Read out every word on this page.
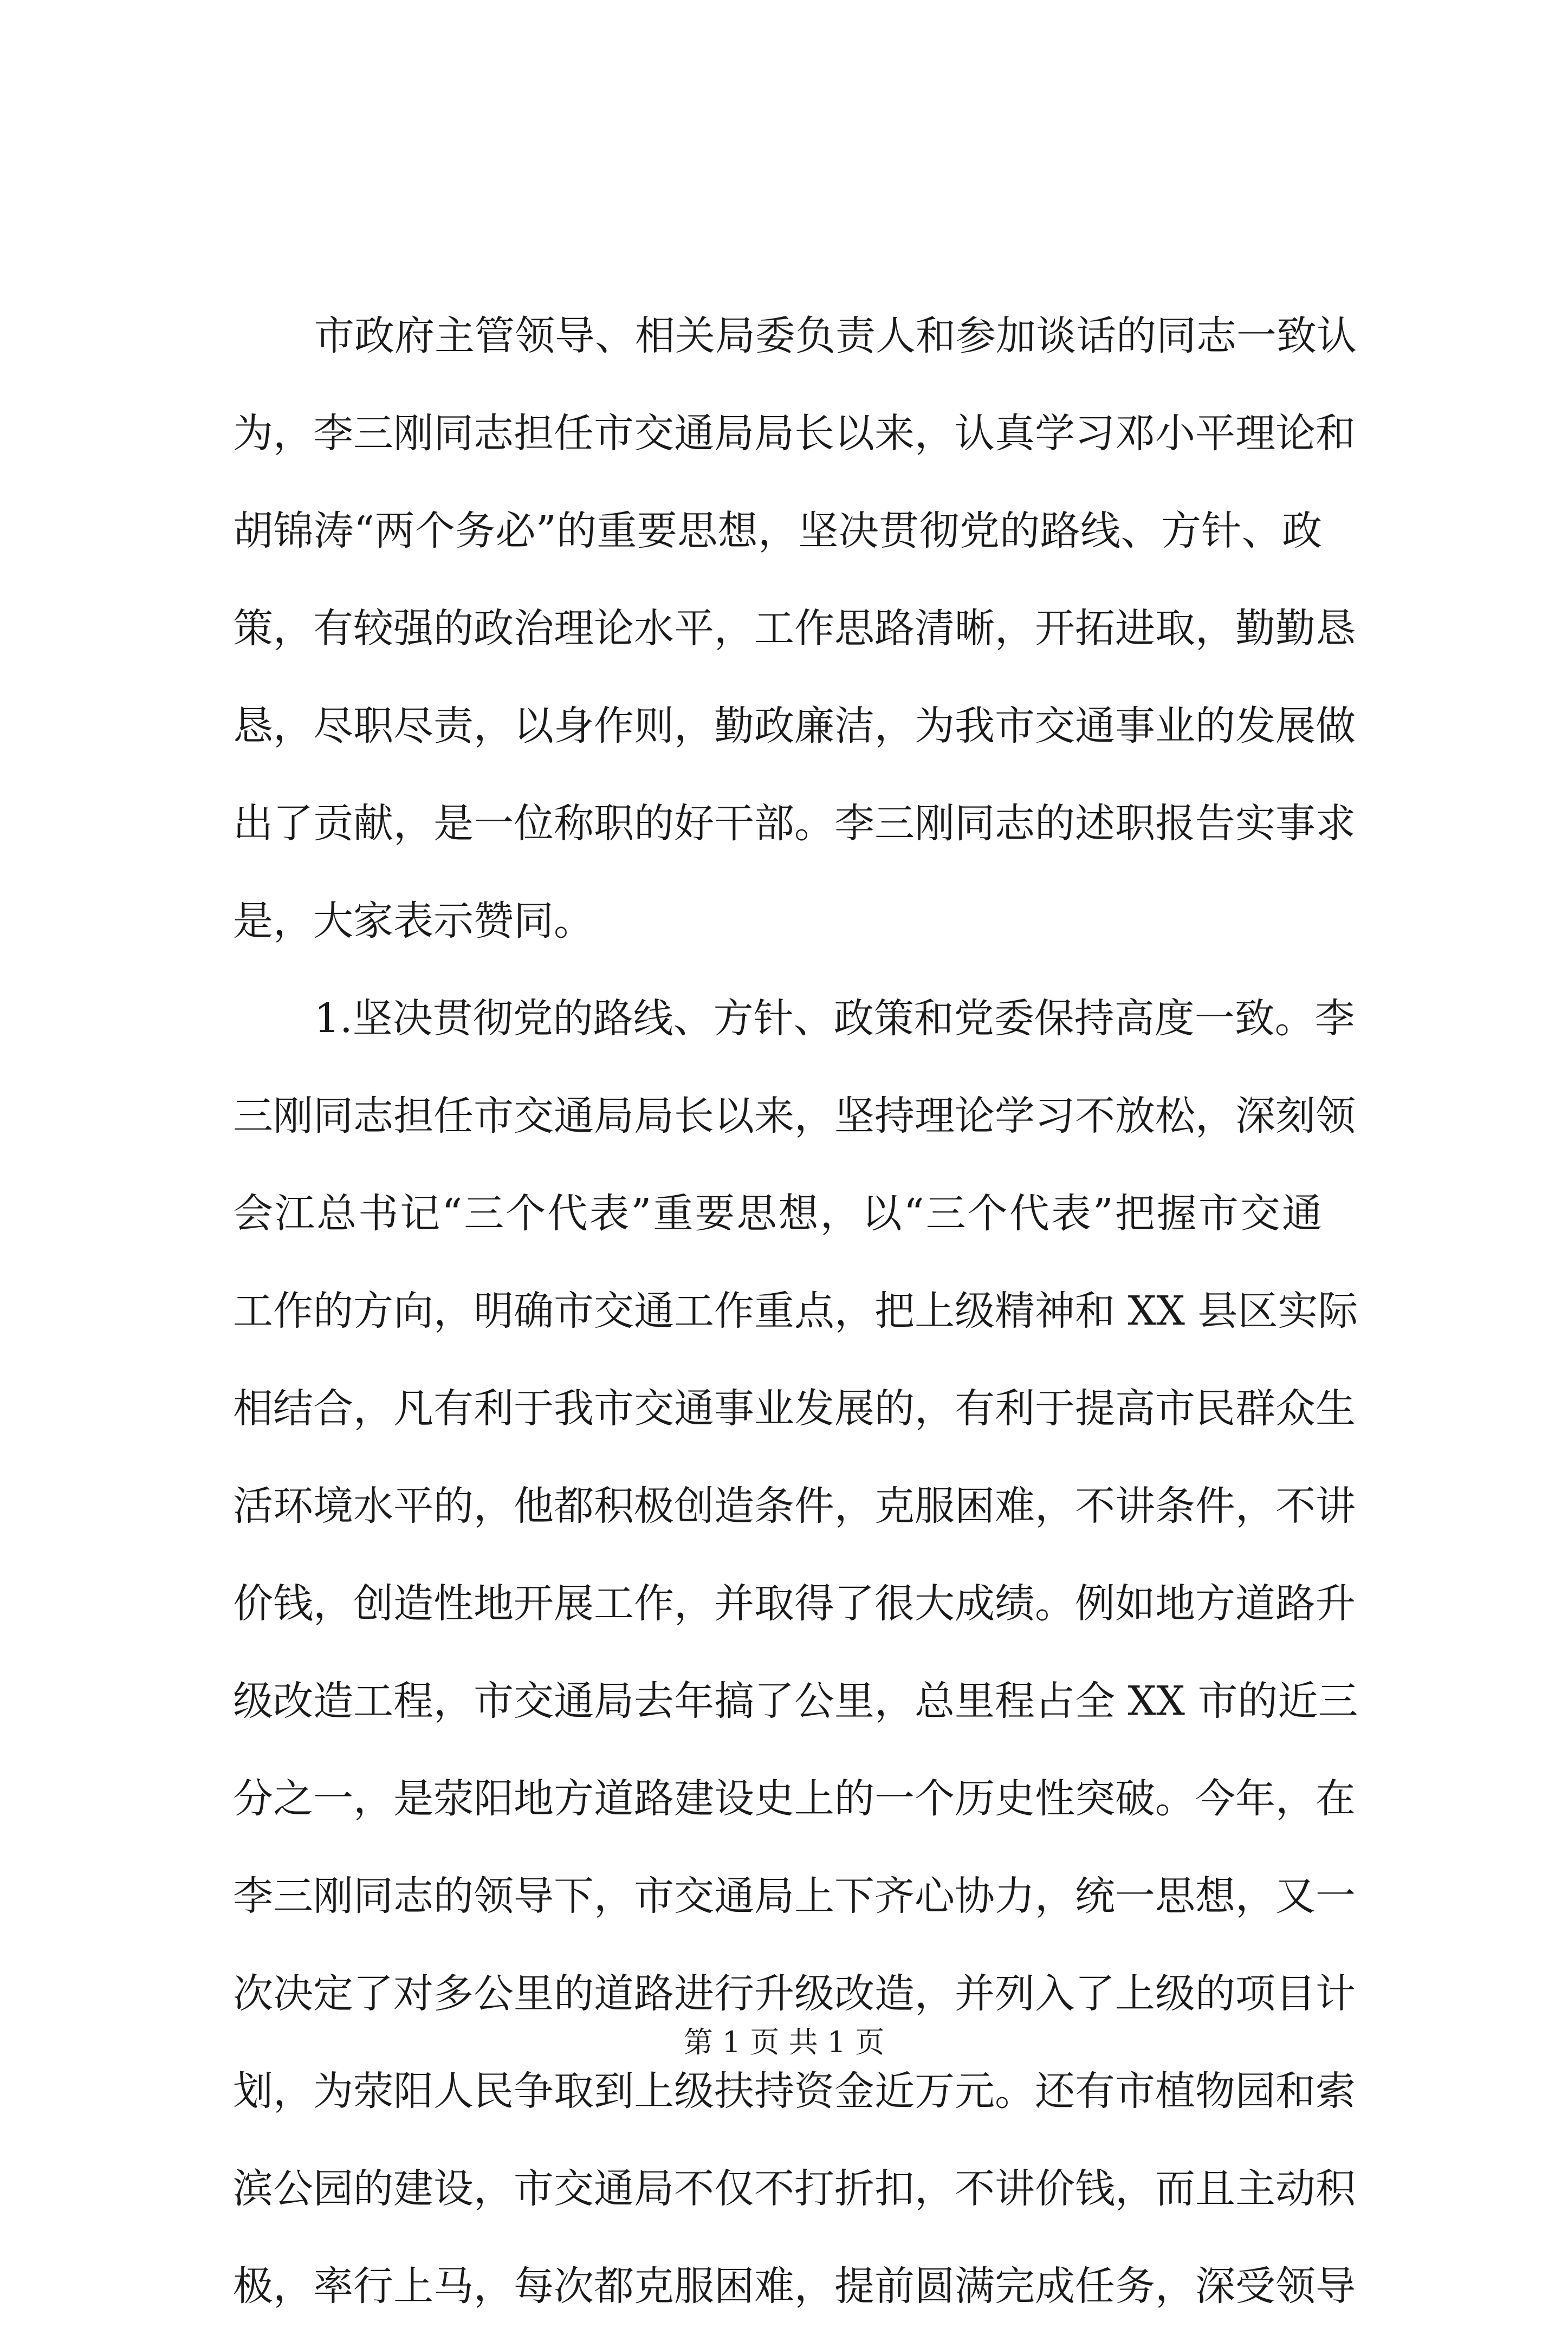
市政府主管领导、相关局委负责人和参加谈话的同志一致认
为，李三刚同志担任市交通局局长以来，认真学习邓小平理论和
胡锦涛“两个务必”的重要思想，坚决贯彻党的路线、方针、政
策，有较强的政治理论水平，工作思路清晰，开拓进取，勤勤恳
恳，尽职尽责，以身作则，勤政廉洁，为我市交通事业的发展做
出了贡献，是一位称职的好干部。李三刚同志的述职报告实事求
是，大家表示赞同。
1.坚决贯彻党的路线、方针、政策和党委保持高度一致。李
三刚同志担任市交通局局长以来，坚持理论学习不放松，深刻领
会江总书记“三个代表”重要思想，以“三个代表”把握市交通
工作的方向，明确市交通工作重点，把上级精神和 XX 县区实际
相结合，凡有利于我市交通事业发展的，有利于提高市民群众生
活环境水平的，他都积极创造条件，克服困难，不讲条件，不讲
价钱，创造性地开展工作，并取得了很大成绩。例如地方道路升
级改造工程，市交通局去年搞了公里，总里程占全 XX 市的近三
分之一，是荥阳地方道路建设史上的一个历史性突破。今年，在
李三刚同志的领导下，市交通局上下齐心协力，统一思想，又一
次决定了对多公里的道路进行升级改造，并列入了上级的项目计
划，为荥阳人民争取到上级扶持资金近万元。还有市植物园和索
滨公园的建设，市交通局不仅不打折扣，不讲价钱，而且主动积
极，率行上马，每次都克服困难，提前圆满完成任务，深受领导
第 1 页 共 1 页
